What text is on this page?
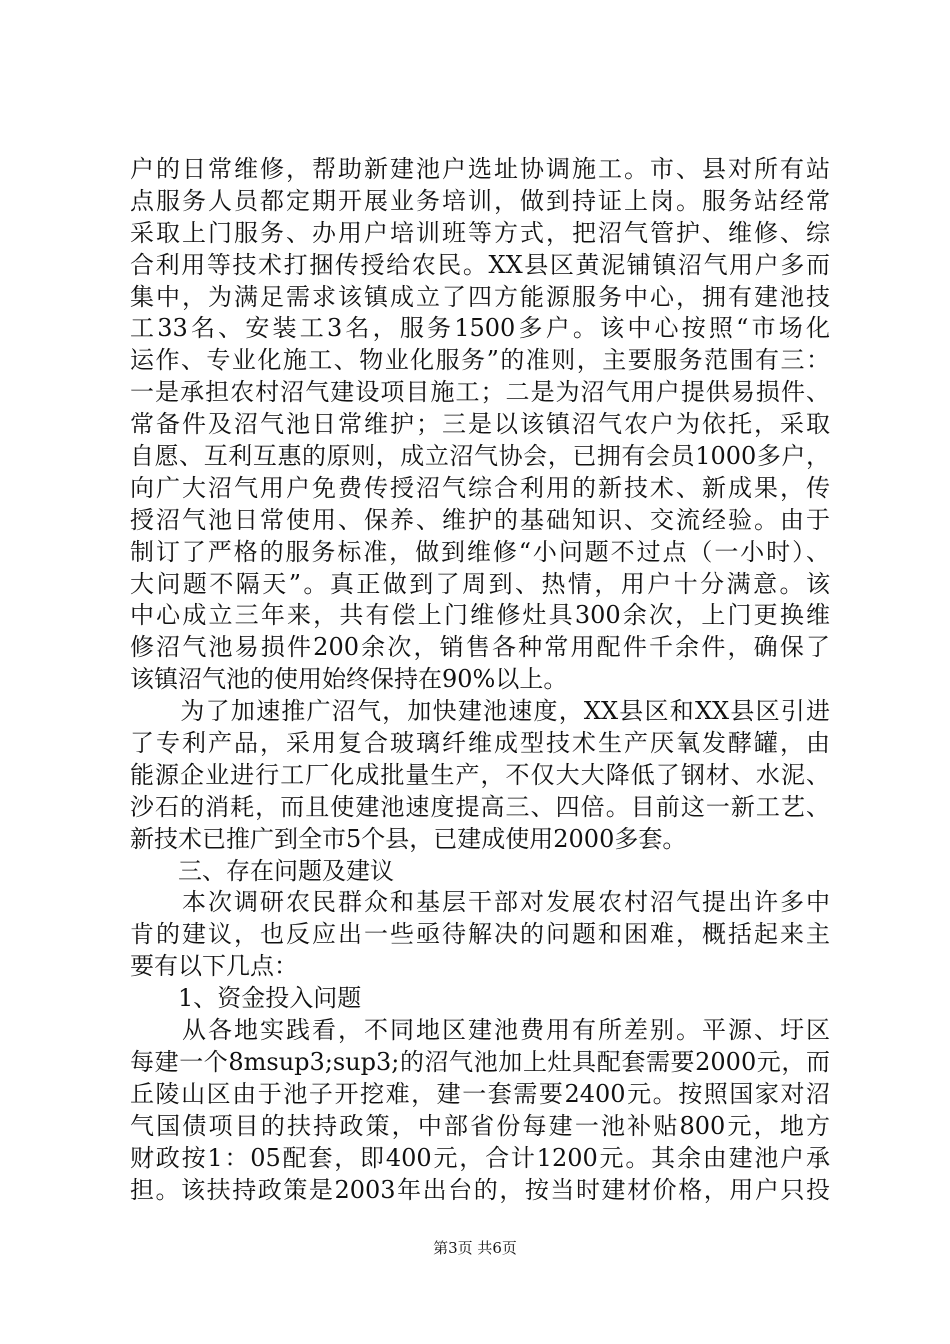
户的日常维修，帮助新建池户选址协调施工。市、县对所有站
点服务人员都定期开展业务培训，做到持证上岗。服务站经常
采取上门服务、办用户培训班等方式，把沼气管护、维修、综
合利用等技术打捆传授给农民。XX县区黄泥铺镇沼气用户多而
集中，为满足需求该镇成立了四方能源服务中心，拥有建池技
工33名、安装工3名，服务1500多户。该中心按照“市场化
运作、专业化施工、物业化服务”的准则，主要服务范围有三：
一是承担农村沼气建设项目施工；二是为沼气用户提供易损件、
常备件及沼气池日常维护；三是以该镇沼气农户为依托，采取
自愿、互利互惠的原则，成立沼气协会，已拥有会员1000多户，
向广大沼气用户免费传授沼气综合利用的新技术、新成果，传
授沼气池日常使用、保养、维护的基础知识、交流经验。由于
制订了严格的服务标准，做到维修“小问题不过点（一小时）、
大问题不隔天”。真正做到了周到、热情，用户十分满意。该
中心成立三年来，共有偿上门维修灶具300余次，上门更换维
修沼气池易损件200余次，销售各种常用配件千余件，确保了
该镇沼气池的使用始终保持在90%以上。
　　为了加速推广沼气，加快建池速度，XX县区和XX县区引进
了专利产品，采用复合玻璃纤维成型技术生产厌氧发酵罐，由
能源企业进行工厂化成批量生产，不仅大大降低了钢材、水泥、
沙石的消耗，而且使建池速度提高三、四倍。目前这一新工艺、
新技术已推广到全市5个县，已建成使用2000多套。
　　三、存在问题及建议
　　本次调研农民群众和基层干部对发展农村沼气提出许多中
肯的建议，也反应出一些亟待解决的问题和困难，概括起来主
要有以下几点：
　　1、资金投入问题
　　从各地实践看，不同地区建池费用有所差别。平源、圩区
每建一个8msup3;sup3;的沼气池加上灶具配套需要2000元，而
丘陵山区由于池子开挖难，建一套需要2400元。按照国家对沼
气国债项目的扶持政策，中部省份每建一池补贴800元，地方
财政按1：05配套，即400元，合计1200元。其余由建池户承
担。该扶持政策是2003年出台的，按当时建材价格，用户只投
第3页 共6页
